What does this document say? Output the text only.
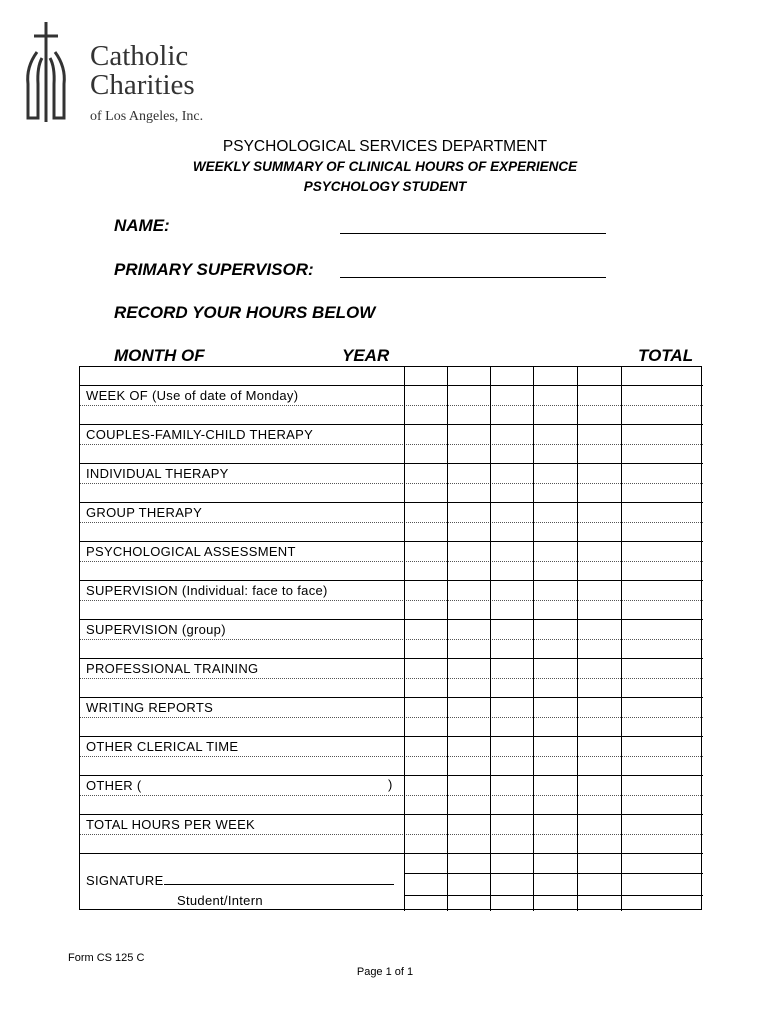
Catholic
Charities
of Los Angeles, Inc.
PSYCHOLOGICAL SERVICES DEPARTMENT
WEEKLY SUMMARY OF CLINICAL HOURS OF EXPERIENCE
PSYCHOLOGY STUDENT
NAME:
PRIMARY SUPERVISOR:
RECORD YOUR HOURS BELOW
MONTH OF	YEAR	TOTAL
WEEK OF (Use of date of Monday)
COUPLES-FAMILY-CHILD THERAPY
INDIVIDUAL THERAPY
GROUP THERAPY
PSYCHOLOGICAL ASSESSMENT
SUPERVISION (Individual: face to face)
SUPERVISION (group)
PROFESSIONAL TRAINING
WRITING REPORTS
OTHER CLERICAL TIME
OTHER (
TOTAL HOURS PER WEEK
)
SIGNATURE
Student/Intern
Form CS 125 C
Page 1 of 1
